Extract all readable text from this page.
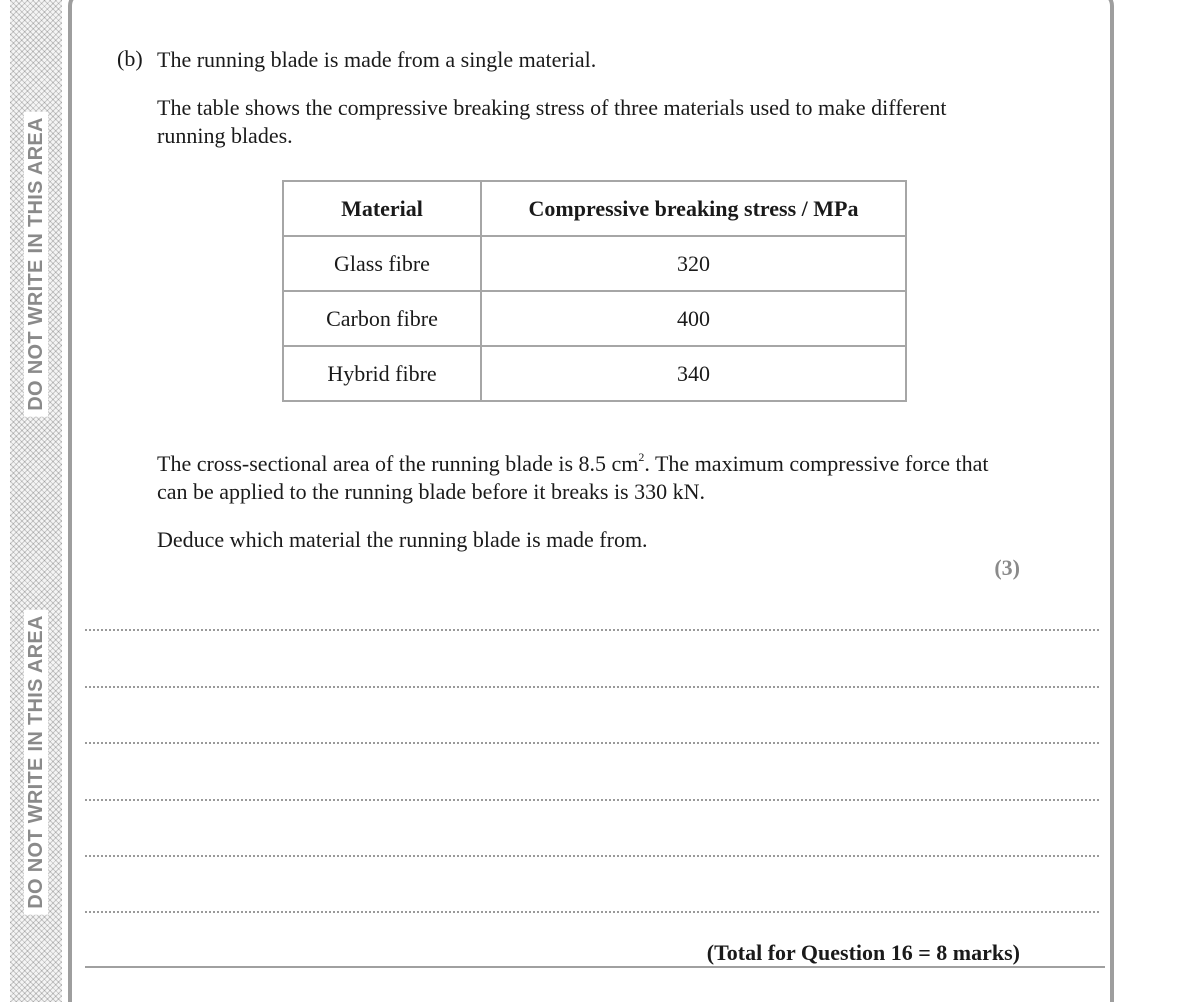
DO NOT WRITE IN THIS AREA
DO NOT WRITE IN THIS AREA
(b) The running blade is made from a single material.
The table shows the compressive breaking stress of three materials used to make different running blades.
Material	Compressive breaking stress / MPa
Glass fibre	320
Carbon fibre	400
Hybrid fibre	340
The cross-sectional area of the running blade is 8.5 $cm^2$. The maximum compressive force that can be applied to the running blade before it breaks is 330 kN.
Deduce which material the running blade is made from.
(3)
(Total for Question 16 = 8 marks)
